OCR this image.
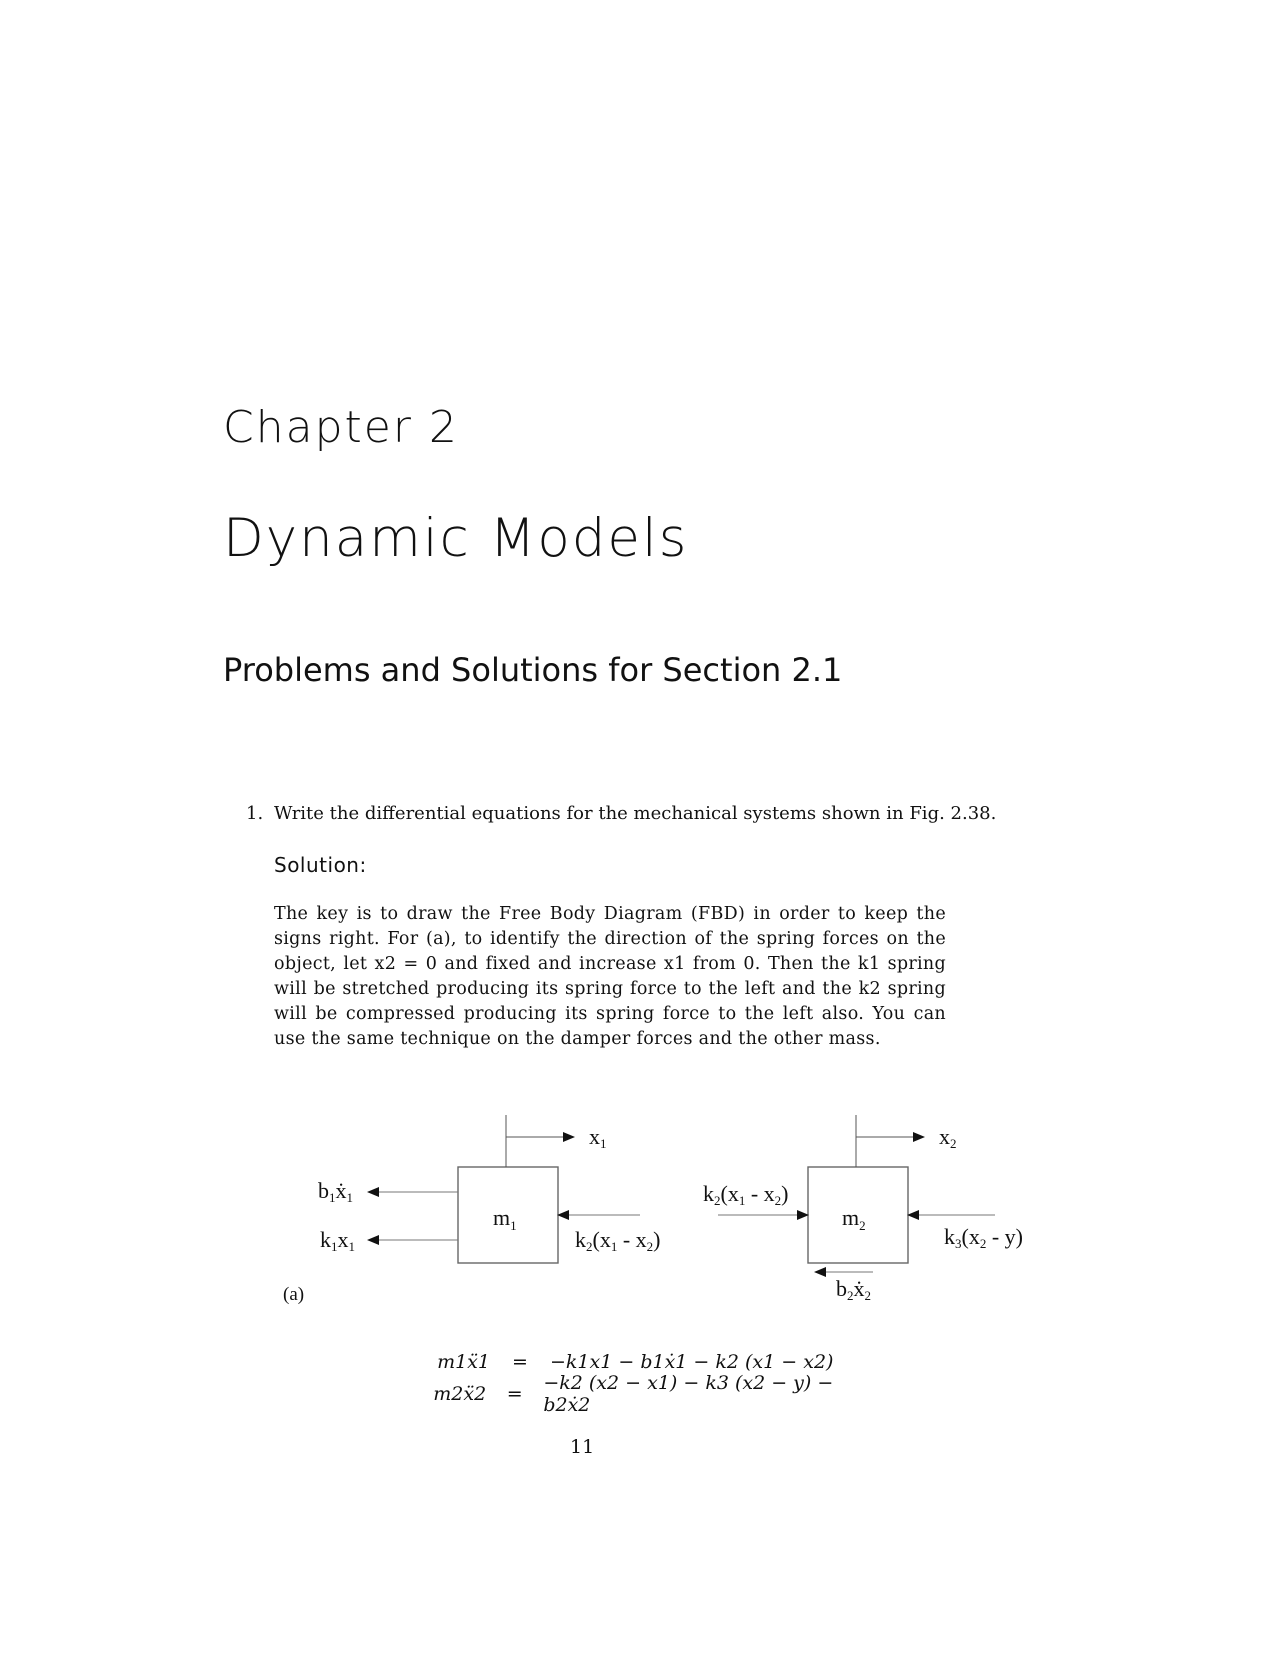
Chapter 2
Dynamic Models
Problems and Solutions for Section 2.1
1. Write the differential equations for the mechanical systems shown in Fig. 2.38.
Solution:
The key is to draw the Free Body Diagram (FBD) in order to keep the signs right. For (a), to identify the direction of the spring forces on the object, let x2 = 0 and fixed and increase x1 from 0. Then the k1 spring will be stretched producing its spring force to the left and the k2 spring will be compressed producing its spring force to the left also. You can use the same technique on the damper forces and the other mass.
$m_1$
x1
b1ẋ1
k1x1	k2(x1 - x2)
$m_2$
x2
k2(x1 - x2)
k3(x2 - y)
b2ẋ2
(a)
m1ẍ1	=	−k1x1 − b1ẋ1 − k2 (x1 − x2)
m2ẍ2	=	−k2 (x2 − x1) − k3 (x2 − y) − b2ẋ2
11
